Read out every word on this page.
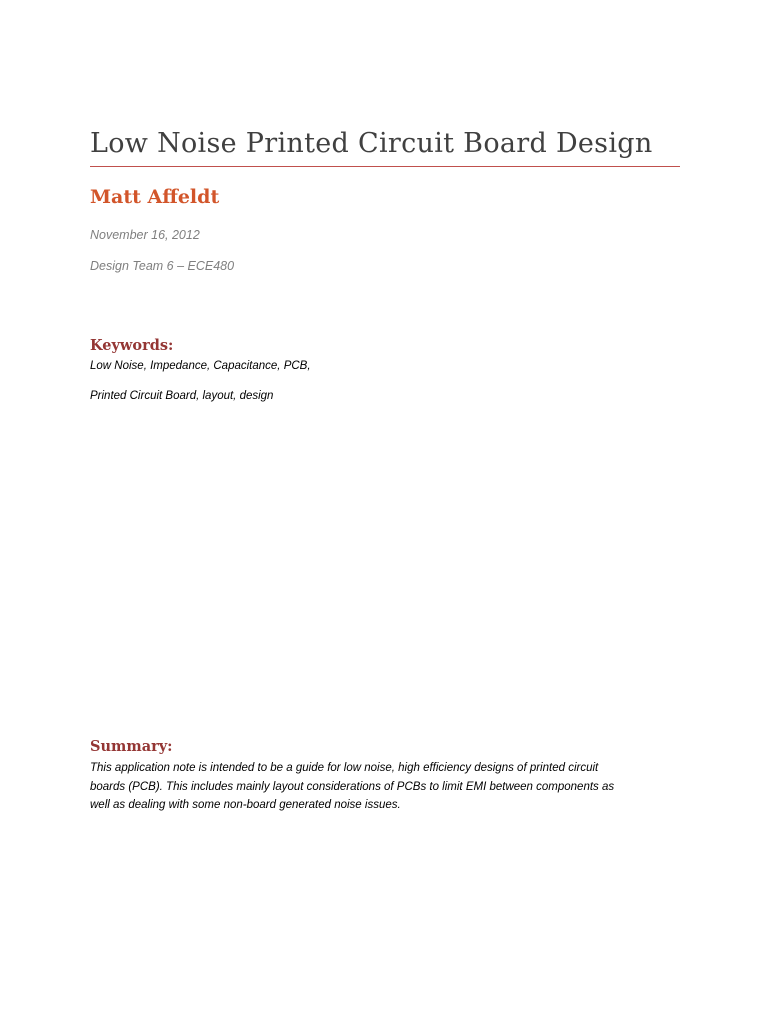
Low Noise Printed Circuit Board Design
Matt Affeldt

November 16, 2012

Design Team 6 – ECE480

Keywords:

Low Noise, Impedance, Capacitance, PCB,

Printed Circuit Board, layout, design

Summary:

This application note is intended to be a guide for low noise, high efficiency designs of printed circuit
boards (PCB). This includes mainly layout considerations of PCBs to limit EMI between components as
well as dealing with some non-board generated noise issues.
